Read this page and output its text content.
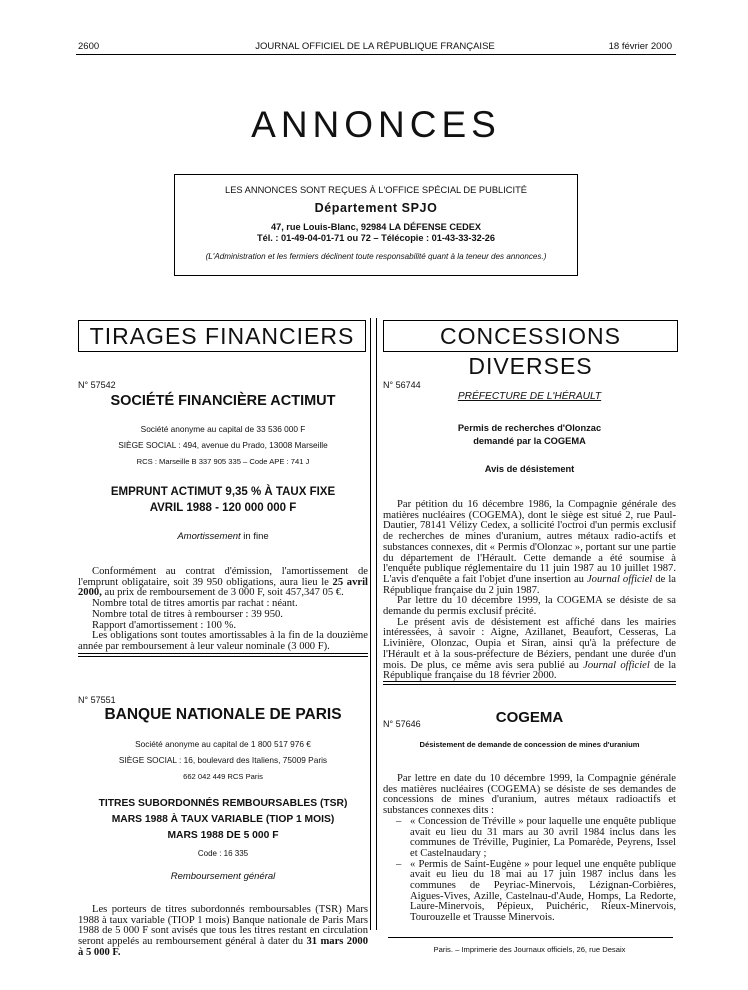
2600	JOURNAL OFFICIEL DE LA RÉPUBLIQUE FRANÇAISE	18 février 2000
ANNONCES
LES ANNONCES SONT REÇUES À L'OFFICE SPÉCIAL DE PUBLICITÉ
Département SPJO
47, rue Louis-Blanc, 92984 LA DÉFENSE CEDEX
Tél. : 01-49-04-01-71 ou 72 – Télécopie : 01-43-33-32-26
(L'Administration et les fermiers déclinent toute responsabilité quant à la teneur des annonces.)
TIRAGES FINANCIERS
N° 57542
SOCIÉTÉ FINANCIÈRE ACTIMUT
Société anonyme au capital de 33 536 000 F
SIÈGE SOCIAL : 494, avenue du Prado, 13008 Marseille
RCS : Marseille B 337 905 335 – Code APE : 741 J
EMPRUNT ACTIMUT 9,35 % À TAUX FIXE
AVRIL 1988 - 120 000 000 F
Amortissement in fine

Conformément au contrat d'émission, l'amortissement de l'emprunt obligataire, soit 39 950 obligations, aura lieu le 25 avril 2000, au prix de remboursement de 3 000 F, soit 457,347 05 €.

Nombre total de titres amortis par rachat : néant.

Nombre total de titres à rembourser : 39 950.

Rapport d'amortissement : 100 %.

Les obligations sont toutes amortissables à la fin de la douzième année par remboursement à leur valeur nominale (3 000 F).

N° 57551
BANQUE NATIONALE DE PARIS
Société anonyme au capital de 1 800 517 976 €
SIÈGE SOCIAL : 16, boulevard des Italiens, 75009 Paris
662 042 449 RCS Paris
TITRES SUBORDONNÉS REMBOURSABLES (TSR)
MARS 1988 À TAUX VARIABLE (TIOP 1 MOIS)
MARS 1988 DE 5 000 F
Code : 16 335
Remboursement général

Les porteurs de titres subordonnés remboursables (TSR) Mars 1988 à taux variable (TIOP 1 mois) Banque nationale de Paris Mars 1988 de 5 000 F sont avisés que tous les titres restant en circulation seront appelés au remboursement général à dater du 31 mars 2000 à 5 000 F.

CONCESSIONS DIVERSES
N° 56744
PRÉFECTURE DE L'HÉRAULT
Permis de recherches d'Olonzac
demandé par la COGEMA
Avis de désistement

Par pétition du 16 décembre 1986, la Compagnie générale des matières nucléaires (COGEMA), dont le siège est situé 2, rue Paul-Dautier, 78141 Vélizy Cedex, a sollicité l'octroi d'un permis exclusif de recherches de mines d'uranium, autres métaux radio-actifs et substances connexes, dit « Permis d'Olonzac », portant sur une partie du département de l'Hérault. Cette demande a été soumise à l'enquête publique réglementaire du 11 juin 1987 au 10 juillet 1987. L'avis d'enquête a fait l'objet d'une insertion au Journal officiel de la République française du 2 juin 1987.

Par lettre du 10 décembre 1999, la COGEMA se désiste de sa demande du permis exclusif précité.

Le présent avis de désistement est affiché dans les mairies intéressées, à savoir : Aigne, Azillanet, Beaufort, Cesseras, La Livinière, Olonzac, Oupia et Siran, ainsi qu'à la préfecture de l'Hérault et à la sous-préfecture de Béziers, pendant une durée d'un mois. De plus, ce même avis sera publié au Journal officiel de la République française du 18 février 2000.

N° 57646	COGEMA
Désistement de demande de concession de mines d'uranium

Par lettre en date du 10 décembre 1999, la Compagnie générale des matières nucléaires (COGEMA) se désiste de ses demandes de concessions de mines d'uranium, autres métaux radioactifs et substances connexes dits :

– « Concession de Tréville » pour laquelle une enquête publique avait eu lieu du 31 mars au 30 avril 1984 inclus dans les communes de Tréville, Puginier, La Pomarède, Peyrens, Issel et Castelnaudary ;
– « Permis de Saint-Eugène » pour lequel une enquête publique avait eu lieu du 18 mai au 17 juin 1987 inclus dans les communes de Peyriac-Minervois, Lézignan-Corbières, Aigues-Vives, Azille, Castelnau-d'Aude, Homps, La Redorte, Laure-Minervois, Pépieux, Puichéric, Rieux-Minervois, Tourouzelle et Trausse Minervois.
Paris. – Imprimerie des Journaux officiels, 26, rue Desaix
